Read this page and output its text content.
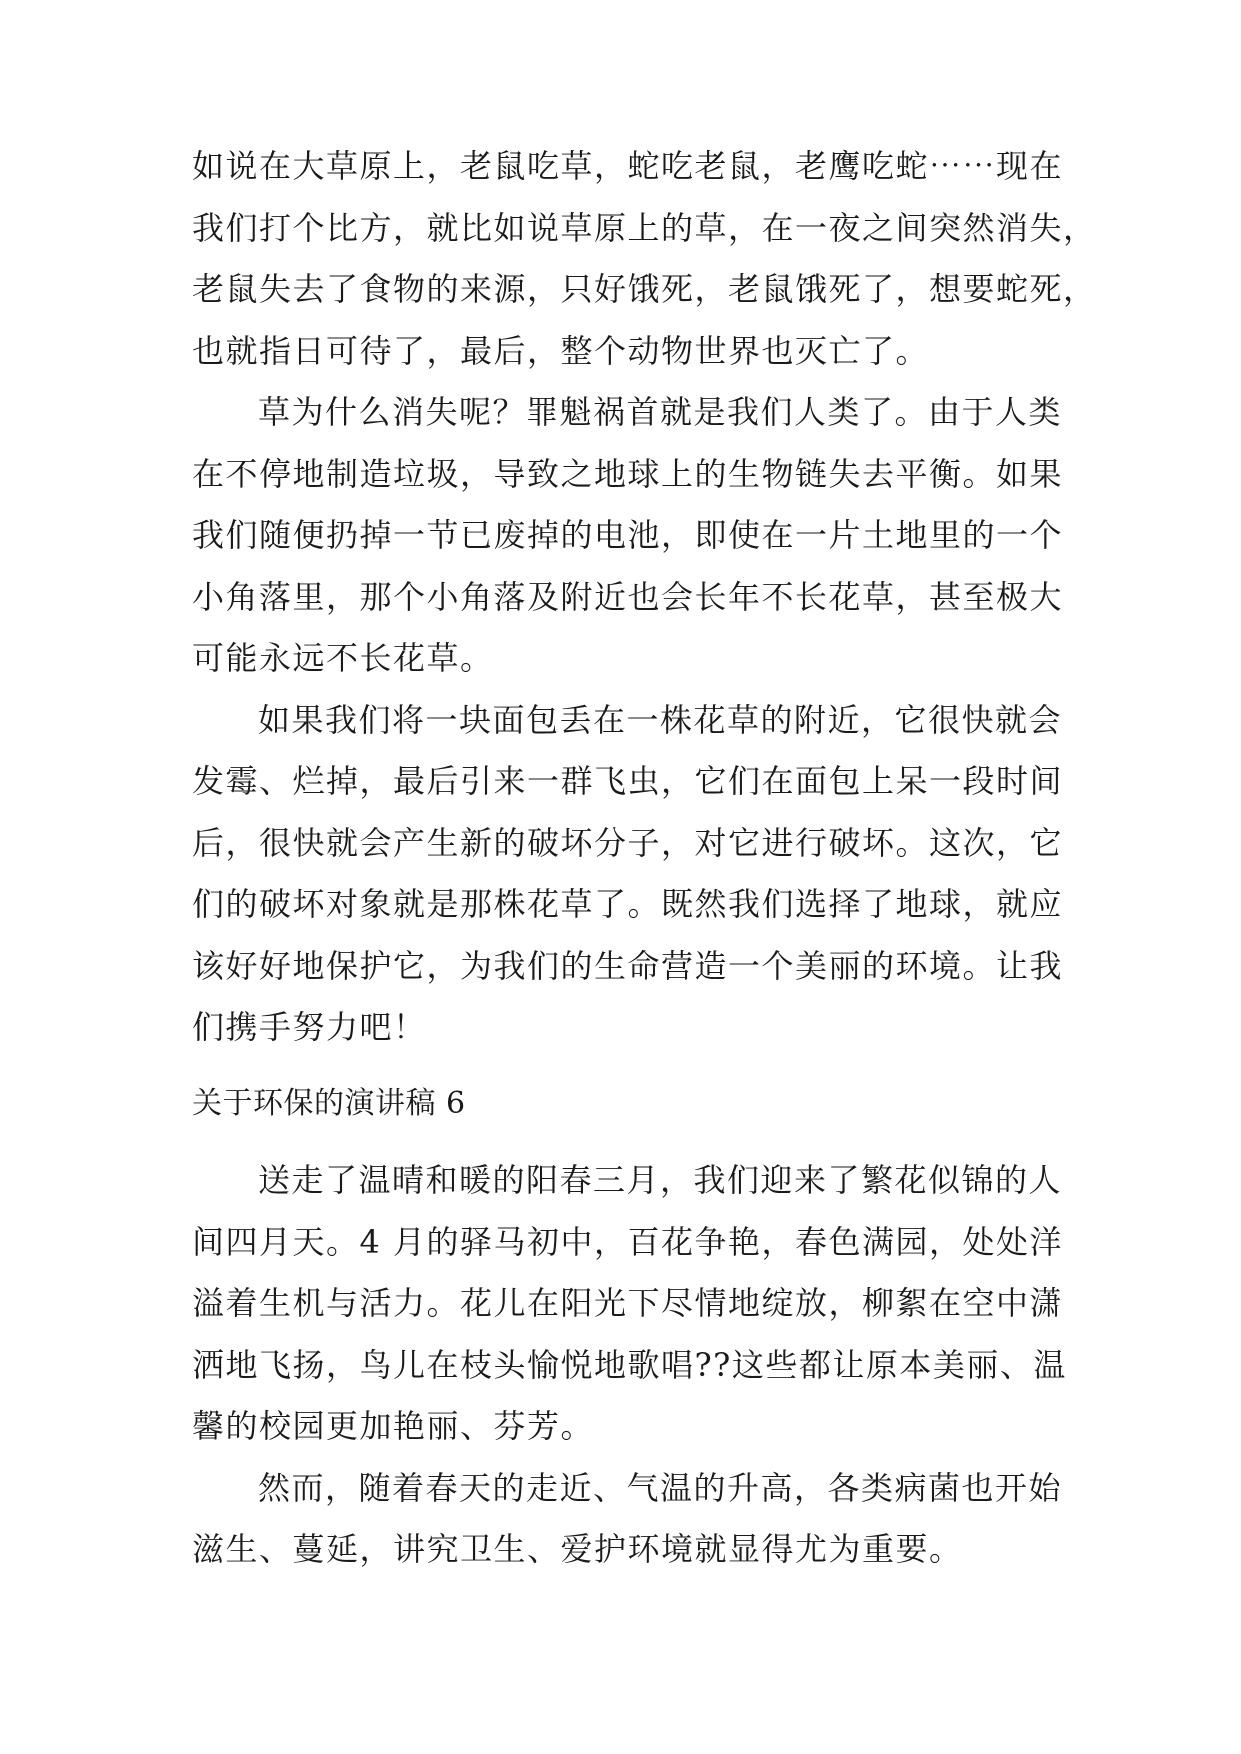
如说在大草原上，老鼠吃草，蛇吃老鼠，老鹰吃蛇⋯⋯现在
我们打个比方，就比如说草原上的草，在一夜之间突然消失，
老鼠失去了食物的来源，只好饿死，老鼠饿死了，想要蛇死，
也就指日可待了，最后，整个动物世界也灭亡了。
草为什么消失呢？罪魁祸首就是我们人类了。由于人类
在不停地制造垃圾，导致之地球上的生物链失去平衡。如果
我们随便扔掉一节已废掉的电池，即使在一片土地里的一个
小角落里，那个小角落及附近也会长年不长花草，甚至极大
可能永远不长花草。
如果我们将一块面包丢在一株花草的附近，它很快就会
发霉、烂掉，最后引来一群飞虫，它们在面包上呆一段时间
后，很快就会产生新的破坏分子，对它进行破坏。这次，它
们的破坏对象就是那株花草了。既然我们选择了地球，就应
该好好地保护它，为我们的生命营造一个美丽的环境。让我
们携手努力吧！
关于环保的演讲稿 6
送走了温晴和暖的阳春三月，我们迎来了繁花似锦的人
间四月天。4 月的驿马初中，百花争艳，春色满园，处处洋
溢着生机与活力。花儿在阳光下尽情地绽放，柳絮在空中潇
洒地飞扬，鸟儿在枝头愉悦地歌唱??这些都让原本美丽、温
馨的校园更加艳丽、芬芳。
然而，随着春天的走近、气温的升高，各类病菌也开始
滋生、蔓延，讲究卫生、爱护环境就显得尤为重要。
